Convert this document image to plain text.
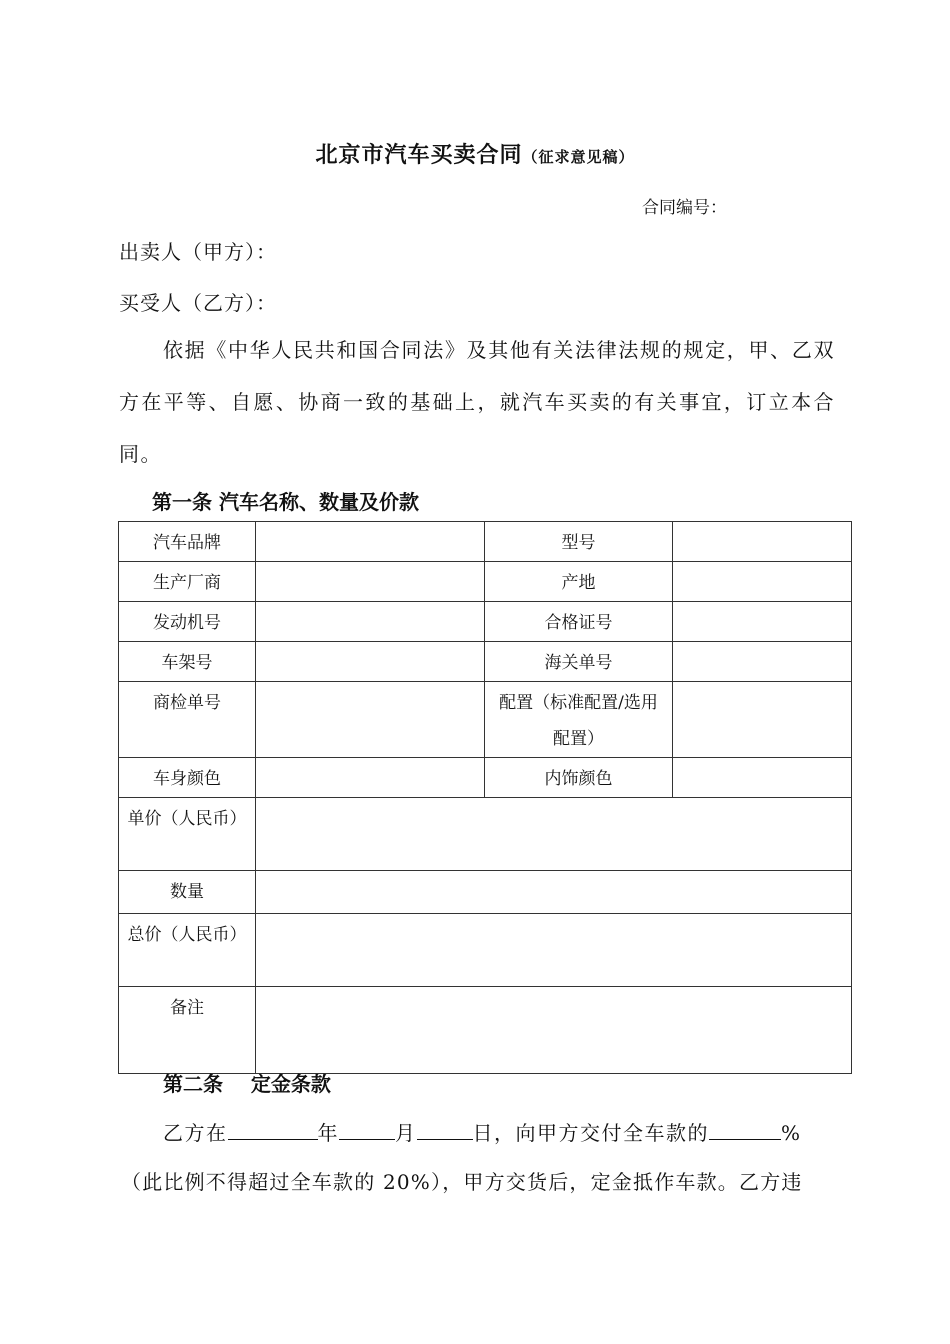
北京市汽车买卖合同（征求意见稿）
合同编号：
出卖人（甲方）：
买受人（乙方）：
依据《中华人民共和国合同法》及其他有关法律法规的规定，甲、乙双方在平等、自愿、协商一致的基础上，就汽车买卖的有关事宜，订立本合同。
第一条 汽车名称、数量及价款
汽车品牌		型号	
生产厂商		产地	
发动机号		合格证号	
车架号		海关单号	
商检单号		配置（标准配置/选用配置）	
车身颜色		内饰颜色	
单价（人民币）			
数量			
总价（人民币）			
备注			
第二条    定金条款
乙方在	年	月	日，向甲方交付全车款的	%
（此比例不得超过全车款的 20%），甲方交货后，定金抵作车款。乙方违
